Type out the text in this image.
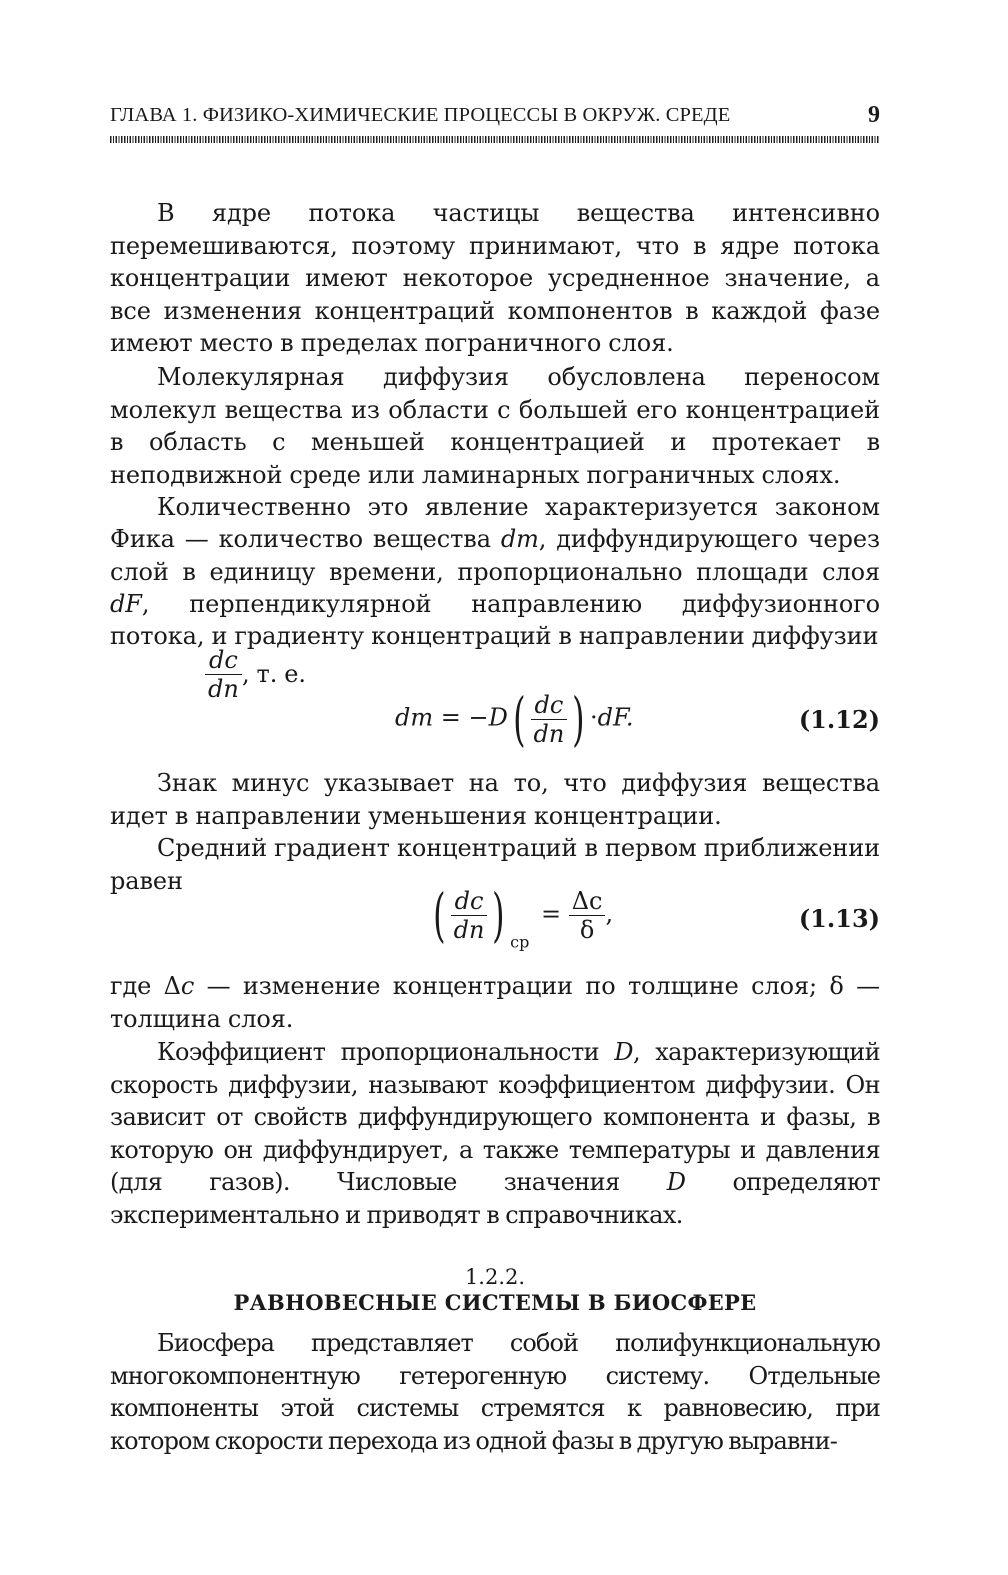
ГЛАВА 1. ФИЗИКО-ХИМИЧЕСКИЕ ПРОЦЕССЫ В ОКРУЖ. СРЕДЕ	9
В ядре потока частицы вещества интенсивно перемешиваются, поэтому принимают, что в ядре потока концентрации имеют некоторое усредненное значение, а все изменения концентраций компонентов в каждой фазе имеют место в пределах пограничного слоя.
Молекулярная диффузия обусловлена переносом молекул вещества из области с большей его концентрацией в область с меньшей концентрацией и протекает в неподвижной среде или ламинарных пограничных слоях.
Количественно это явление характеризуется законом Фика — количество вещества dm, диффундирующего через слой в единицу времени, пропорционально площади слоя dF, перпендикулярной направлению диффузионного потока, и градиенту концентраций в направлении диффузии
$\frac{dc}{dn}$ , т. е.
dm = $-D( \frac{dc}{dn}$ ) ·dF.	(1.12)
Знак минус указывает на то, что диффузия вещества идет в направлении уменьшения концентрации.
Средний градиент концентраций в первом приближении равен
( $\frac{dc}{dn}$ ) $_{ср} = \frac{\Delta c}{\delta}$ ,	(1.13)
где Δc — изменение концентрации по толщине слоя; δ — толщина слоя.
Коэффициент пропорциональности D, характеризующий скорость диффузии, называют коэффициентом диффузии. Он зависит от свойств диффундирующего компонента и фазы, в которую он диффундирует, а также температуры и давления (для газов). Числовые значения D определяют экспериментально и приводят в справочниках.
1.2.2.
РАВНОВЕСНЫЕ СИСТЕМЫ В БИОСФЕРЕ
Биосфера представляет собой полифункциональную многокомпонентную гетерогенную систему. Отдельные компоненты этой системы стремятся к равновесию, при котором скорости перехода из одной фазы в другую выравни-
